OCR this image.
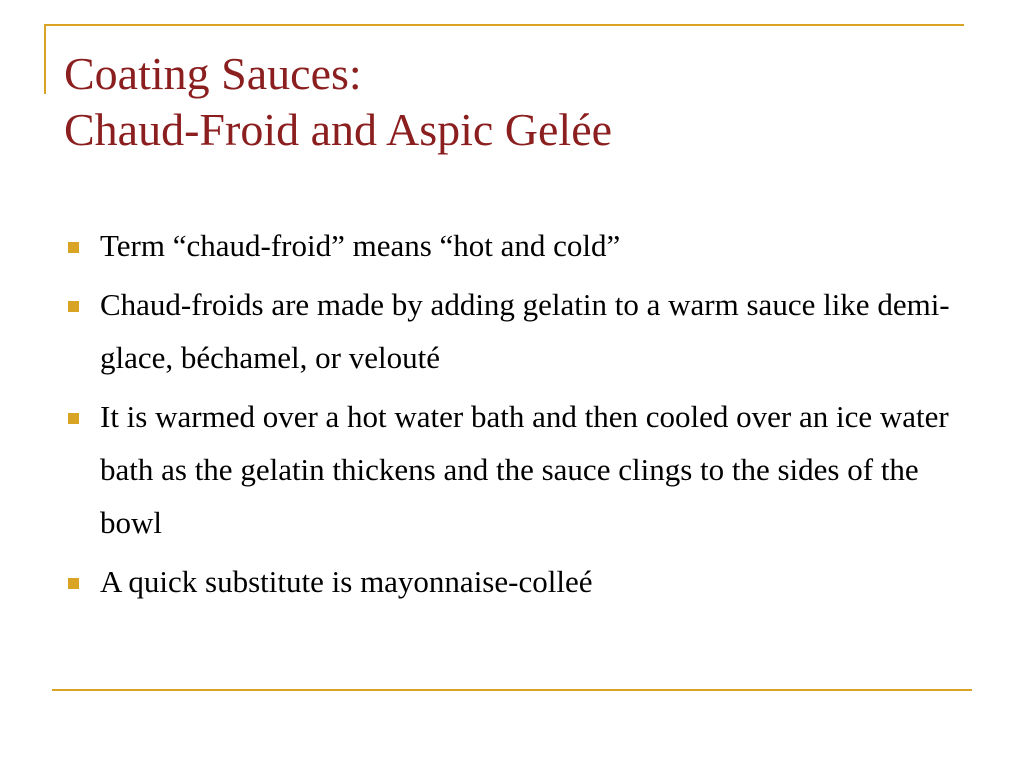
Coating Sauces:
Chaud-Froid and Aspic Gelée
Term “chaud-froid” means “hot and cold”
Chaud-froids are made by adding gelatin to a warm sauce like demi-glace, béchamel, or velouté
It is warmed over a hot water bath and then cooled over an ice water bath as the gelatin thickens and the sauce clings to the sides of the bowl
A quick substitute is mayonnaise-colleé
